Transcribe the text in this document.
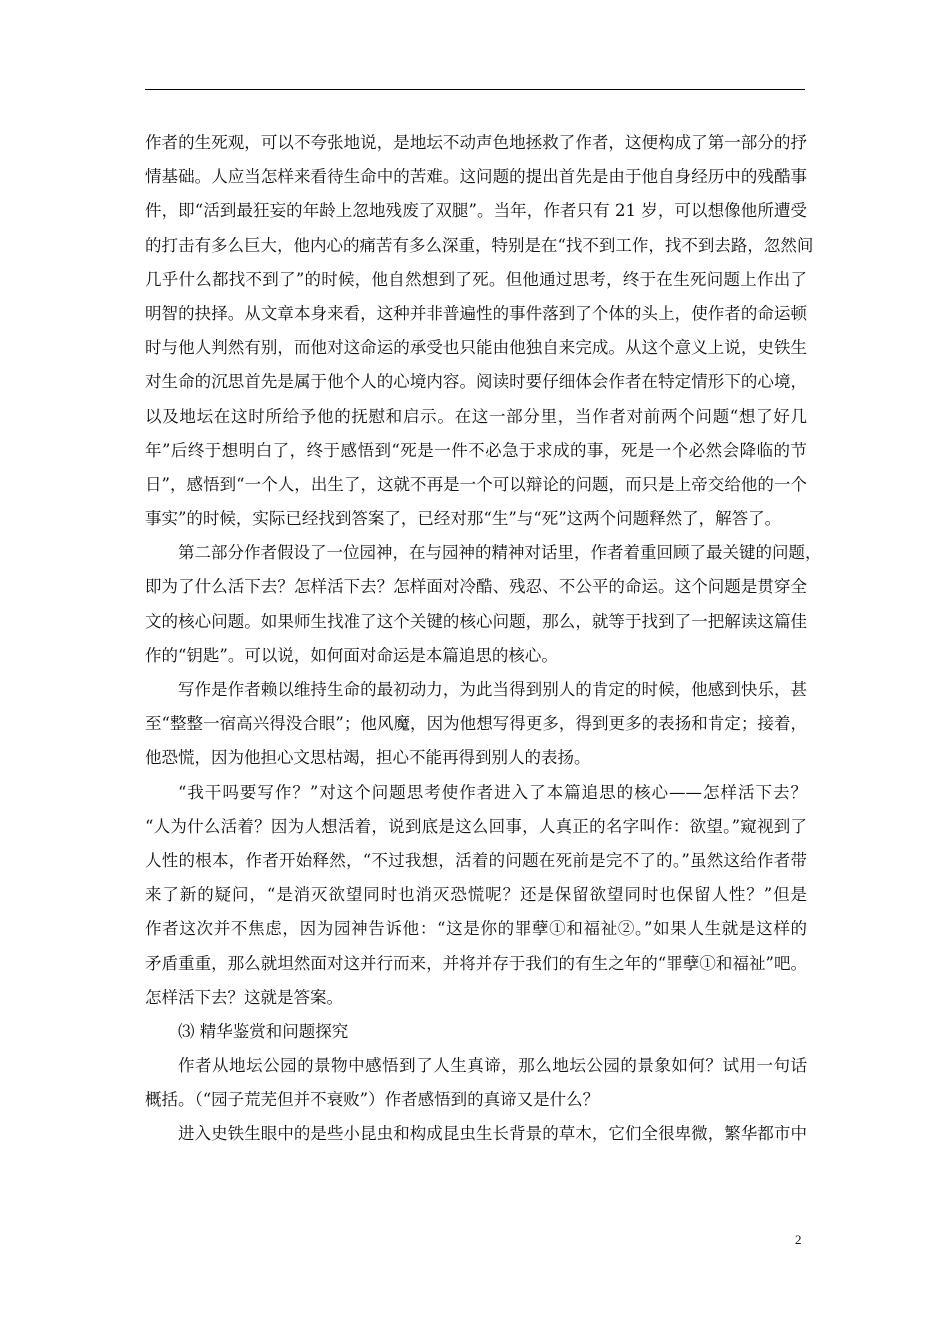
作者的生死观，可以不夸张地说，是地坛不动声色地拯救了作者，这便构成了第一部分的抒
情基础。人应当怎样来看待生命中的苦难。这问题的提出首先是由于他自身经历中的残酷事
件，即“活到最狂妄的年龄上忽地残废了双腿”。当年，作者只有 21 岁，可以想像他所遭受
的打击有多么巨大，他内心的痛苦有多么深重，特别是在“找不到工作，找不到去路，忽然间
几乎什么都找不到了”的时候，他自然想到了死。但他通过思考，终于在生死问题上作出了
明智的抉择。从文章本身来看，这种并非普遍性的事件落到了个体的头上，使作者的命运顿
时与他人判然有别，而他对这命运的承受也只能由他独自来完成。从这个意义上说，史铁生
对生命的沉思首先是属于他个人的心境内容。阅读时要仔细体会作者在特定情形下的心境，
以及地坛在这时所给予他的抚慰和启示。在这一部分里，当作者对前两个问题“想了好几
年”后终于想明白了，终于感悟到“死是一件不必急于求成的事，死是一个必然会降临的节
日”，感悟到“一个人，出生了，这就不再是一个可以辩论的问题，而只是上帝交给他的一个
事实”的时候，实际已经找到答案了，已经对那“生”与“死”这两个问题释然了，解答了。
第二部分作者假设了一位园神，在与园神的精神对话里，作者着重回顾了最关键的问题，
即为了什么活下去？怎样活下去？怎样面对冷酷、残忍、不公平的命运。这个问题是贯穿全
文的核心问题。如果师生找准了这个关键的核心问题，那么，就等于找到了一把解读这篇佳
作的“钥匙”。可以说，如何面对命运是本篇追思的核心。
写作是作者赖以维持生命的最初动力，为此当得到别人的肯定的时候，他感到快乐，甚
至“整整一宿高兴得没合眼”；他风魔，因为他想写得更多，得到更多的表扬和肯定；接着，
他恐慌，因为他担心文思枯竭，担心不能再得到别人的表扬。
“我干吗要写作？”对这个问题思考使作者进入了本篇追思的核心——怎样活下去？
“人为什么活着？因为人想活着，说到底是这么回事，人真正的名字叫作：欲望。”窥视到了
人性的根本，作者开始释然，“不过我想，活着的问题在死前是完不了的。”虽然这给作者带
来了新的疑问，“是消灭欲望同时也消灭恐慌呢？还是保留欲望同时也保留人性？”但是
作者这次并不焦虑，因为园神告诉他：“这是你的罪孽①和福祉②。”如果人生就是这样的
矛盾重重，那么就坦然面对这并行而来，并将并存于我们的有生之年的“罪孽①和福祉”吧。
怎样活下去？这就是答案。
⑶ 精华鉴赏和问题探究
作者从地坛公园的景物中感悟到了人生真谛，那么地坛公园的景象如何？试用一句话
概括。（“园子荒芜但并不衰败”）作者感悟到的真谛又是什么？
进入史铁生眼中的是些小昆虫和构成昆虫生长背景的草木，它们全很卑微，繁华都市中
2
